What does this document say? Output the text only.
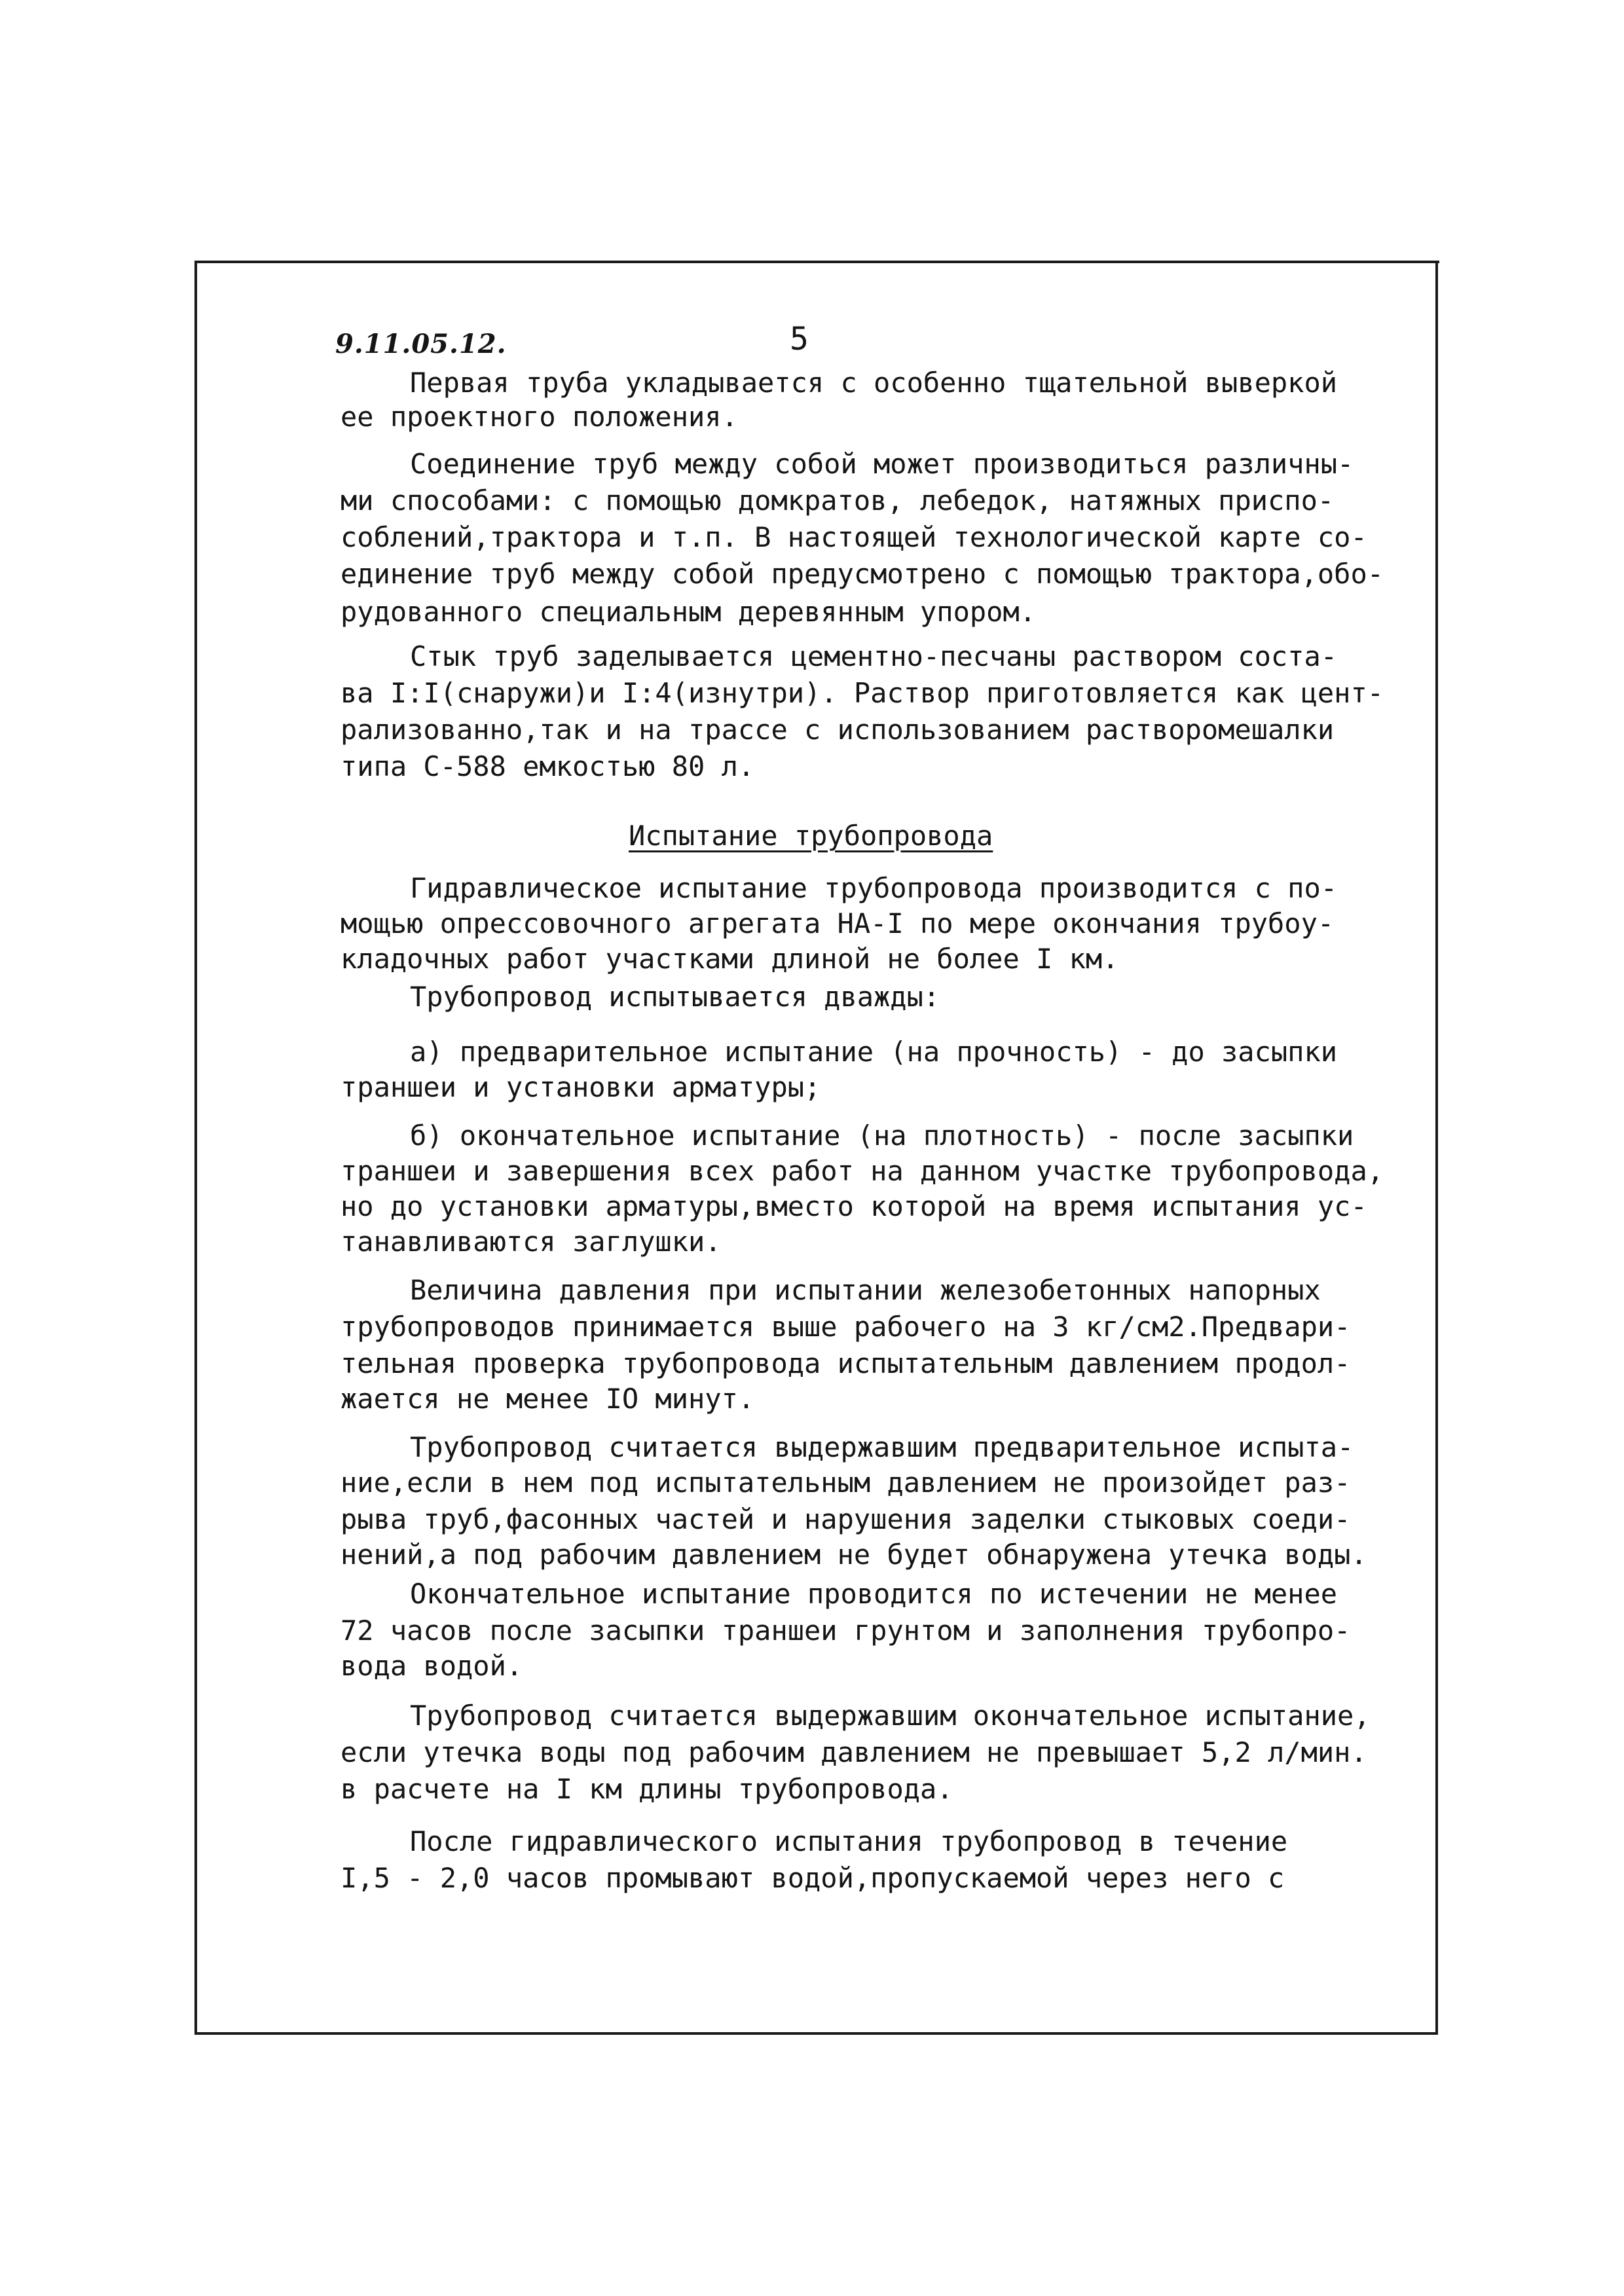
9.11.05.12.	5
Первая труба укладывается с особенно тщательной выверкой
ее проектного положения.
Соединение труб между собой может производиться различны-
ми способами: с помощью домкратов, лебедок, натяжных приспо-
соблений,трактора и т.п. В настоящей технологической карте со-
единение труб между собой предусмотрено с помощью трактора,обо-
рудованного специальным деревянным упором.
Стык труб заделывается цементно-песчаны раствором соста-
ва I:I(снаружи)и I:4(изнутри). Раствор приготовляется как цент-
рализованно,так и на трассе с использованием растворомешалки
типа С-588 емкостью 80 л.
Испытание трубопровода
Гидравлическое испытание трубопровода производится с по-
мощью опрессовочного агрегата НА-I по мере окончания трубоу-
кладочных работ участками длиной не более I км.
Трубопровод испытывается дважды:
а) предварительное испытание (на прочность) - до засыпки
траншеи и установки арматуры;
б) окончательное испытание (на плотность) - после засыпки
траншеи и завершения всех работ на данном участке трубопровода,
но до установки арматуры,вместо которой на время испытания ус-
танавливаются заглушки.
Величина давления при испытании железобетонных напорных
трубопроводов принимается выше рабочего на 3 кг/см2.Предвари-
тельная проверка трубопровода испытательным давлением продол-
жается не менее IO минут.
Трубопровод считается выдержавшим предварительное испыта-
ние,если в нем под испытательным давлением не произойдет раз-
рыва труб,фасонных частей и нарушения заделки стыковых соеди-
нений,а под рабочим давлением не будет обнаружена утечка воды.
Окончательное испытание проводится по истечении не менее
72 часов после засыпки траншеи грунтом и заполнения трубопро-
вода водой.
Трубопровод считается выдержавшим окончательное испытание,
если утечка воды под рабочим давлением не превышает 5,2 л/мин.
в расчете на I км длины трубопровода.
После гидравлического испытания трубопровод в течение
I,5 - 2,0 часов промывают водой,пропускаемой через него с
